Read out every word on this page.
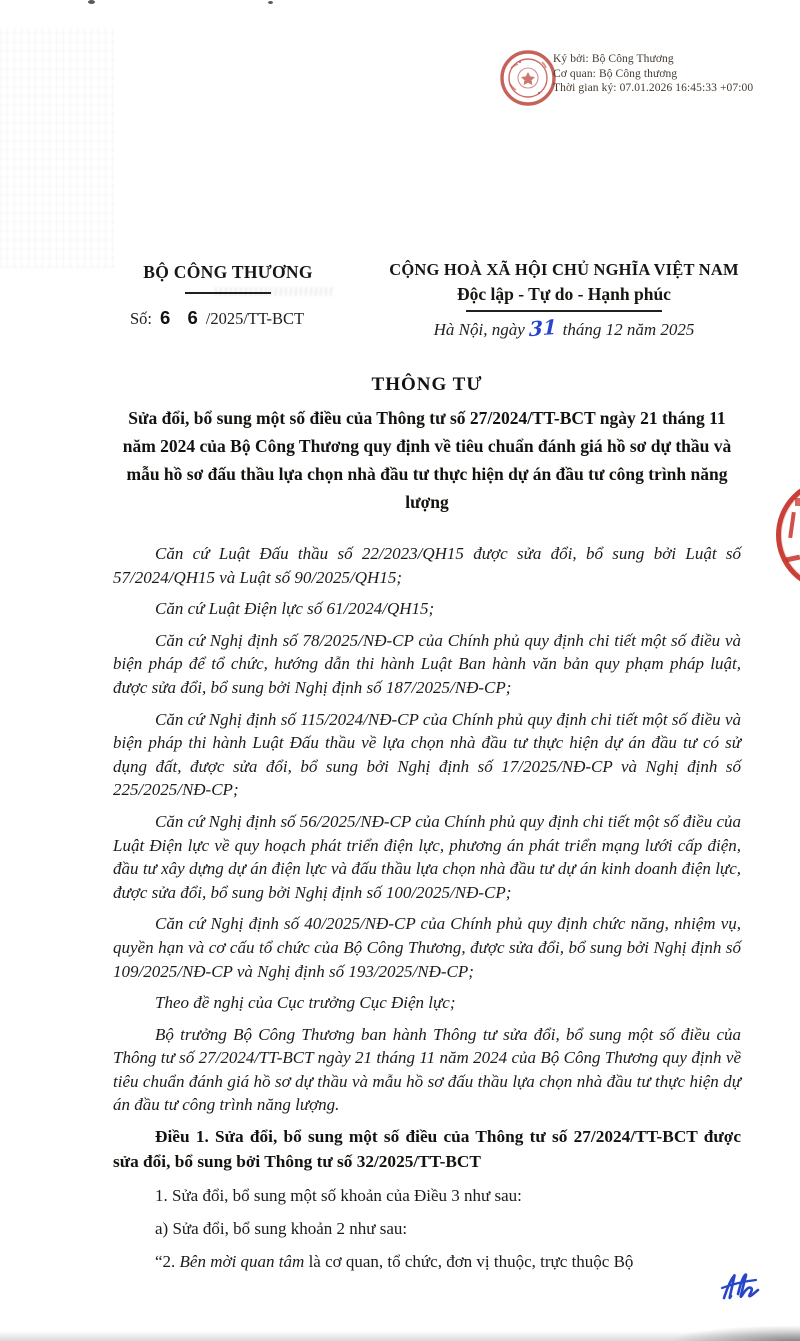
Ký bởi: Bộ Công Thương
Cơ quan: Bộ Công thương
Thời gian ký: 07.01.2026 16:45:33 +07:00
BỘ CÔNG THƯƠNG
Số: 6 6 /2025/TT-BCT
CỘNG HOÀ XÃ HỘI CHỦ NGHĨA VIỆT NAM
Độc lập - Tự do - Hạnh phúc
Hà Nội, ngày 31 tháng 12 năm 2025
THÔNG TƯ
Sửa đổi, bổ sung một số điều của Thông tư số 27/2024/TT-BCT ngày 21 tháng 11 năm 2024 của Bộ Công Thương quy định về tiêu chuẩn đánh giá hồ sơ dự thầu và mẫu hồ sơ đấu thầu lựa chọn nhà đầu tư thực hiện dự án đầu tư công trình năng lượng

Căn cứ Luật Đấu thầu số 22/2023/QH15 được sửa đổi, bổ sung bởi Luật số 57/2024/QH15 và Luật số 90/2025/QH15;

Căn cứ Luật Điện lực số 61/2024/QH15;

Căn cứ Nghị định số 78/2025/NĐ-CP của Chính phủ quy định chi tiết một số điều và biện pháp để tổ chức, hướng dẫn thi hành Luật Ban hành văn bản quy phạm pháp luật, được sửa đổi, bổ sung bởi Nghị định số 187/2025/NĐ-CP;

Căn cứ Nghị định số 115/2024/NĐ-CP của Chính phủ quy định chi tiết một số điều và biện pháp thi hành Luật Đấu thầu về lựa chọn nhà đầu tư thực hiện dự án đầu tư có sử dụng đất, được sửa đổi, bổ sung bởi Nghị định số 17/2025/NĐ-CP và Nghị định số 225/2025/NĐ-CP;

Căn cứ Nghị định số 56/2025/NĐ-CP của Chính phủ quy định chi tiết một số điều của Luật Điện lực về quy hoạch phát triển điện lực, phương án phát triển mạng lưới cấp điện, đầu tư xây dựng dự án điện lực và đấu thầu lựa chọn nhà đầu tư dự án kinh doanh điện lực, được sửa đổi, bổ sung bởi Nghị định số 100/2025/NĐ-CP;

Căn cứ Nghị định số 40/2025/NĐ-CP của Chính phủ quy định chức năng, nhiệm vụ, quyền hạn và cơ cấu tổ chức của Bộ Công Thương, được sửa đổi, bổ sung bởi Nghị định số 109/2025/NĐ-CP và Nghị định số 193/2025/NĐ-CP;

Theo đề nghị của Cục trưởng Cục Điện lực;

Bộ trưởng Bộ Công Thương ban hành Thông tư sửa đổi, bổ sung một số điều của Thông tư số 27/2024/TT-BCT ngày 21 tháng 11 năm 2024 của Bộ Công Thương quy định về tiêu chuẩn đánh giá hồ sơ dự thầu và mẫu hồ sơ đấu thầu lựa chọn nhà đầu tư thực hiện dự án đầu tư công trình năng lượng.

Điều 1. Sửa đổi, bổ sung một số điều của Thông tư số 27/2024/TT-BCT được sửa đổi, bổ sung bởi Thông tư số 32/2025/TT-BCT

1. Sửa đổi, bổ sung một số khoản của Điều 3 như sau:

a) Sửa đổi, bổ sung khoản 2 như sau:

“2. Bên mời quan tâm là cơ quan, tổ chức, đơn vị thuộc, trực thuộc Bộ
